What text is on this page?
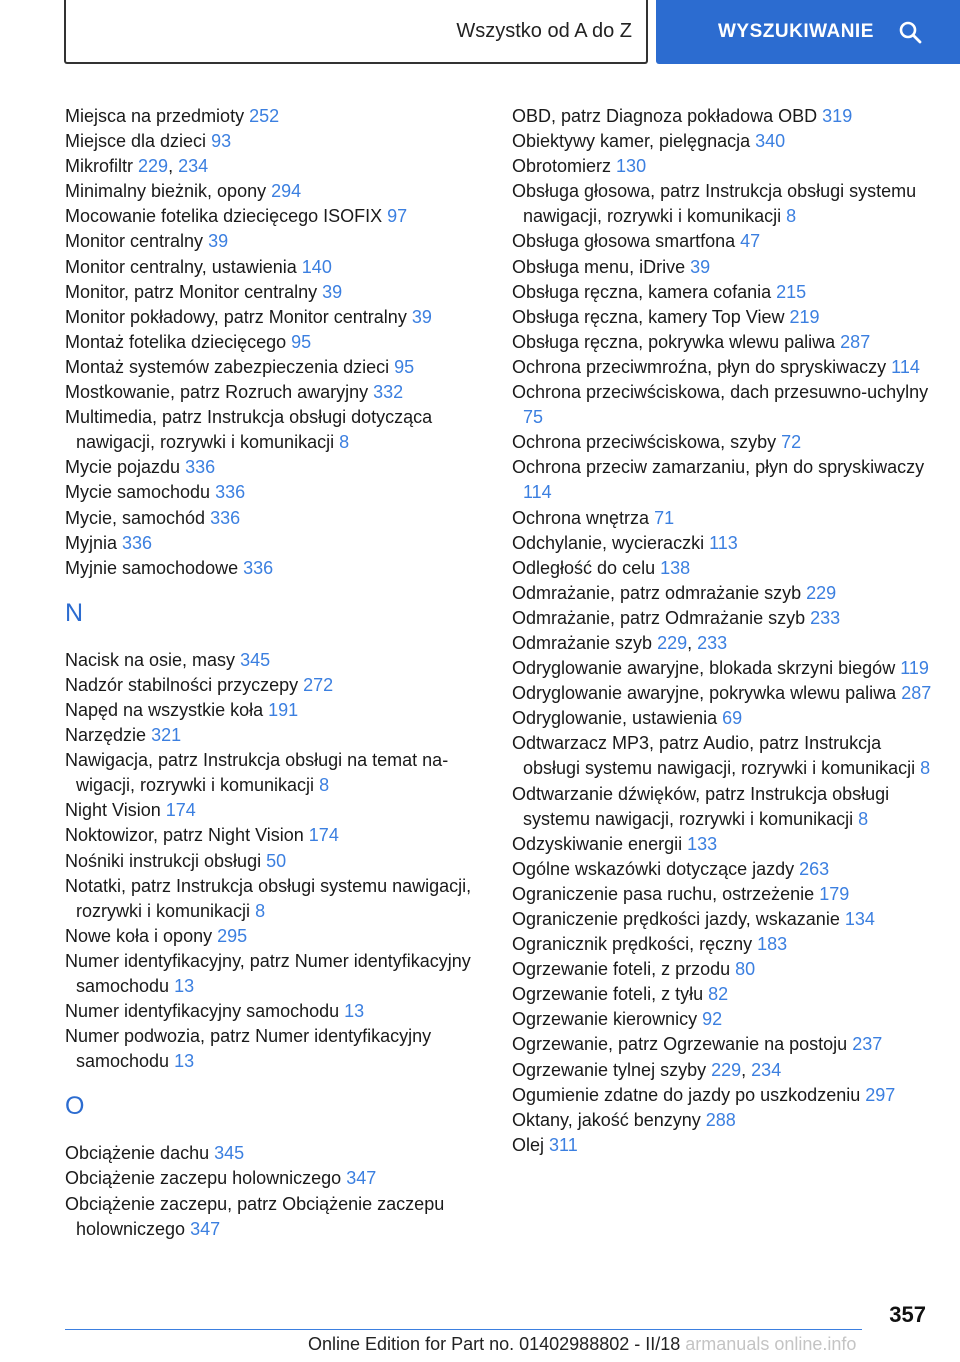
Wszystko od A do Z	WYSZUKIWANIE
Miejsca na przedmioty 252
Miejsce dla dzieci 93
Mikrofiltr 229, 234
Minimalny bieżnik, opony 294
Mocowanie fotelika dziecięcego ISOFIX 97
Monitor centralny 39
Monitor centralny, ustawienia 140
Monitor, patrz Monitor centralny 39
Monitor pokładowy, patrz Monitor centralny 39
Montaż fotelika dziecięcego 95
Montaż systemów zabezpieczenia dzieci 95
Mostkowanie, patrz Rozruch awaryjny 332
Multimedia, patrz Instrukcja obsługi dotycząca nawigacji, rozrywki i komunikacji 8
Mycie pojazdu 336
Mycie samochodu 336
Mycie, samochód 336
Myjnia 336
Myjnie samochodowe 336
N
Nacisk na osie, masy 345
Nadzór stabilności przyczepy 272
Napęd na wszystkie koła 191
Narzędzie 321
Nawigacja, patrz Instrukcja obsługi na temat nawigacji, rozrywki i komunikacji 8
Night Vision 174
Noktowizor, patrz Night Vision 174
Nośniki instrukcji obsługi 50
Notatki, patrz Instrukcja obsługi systemu nawigacji, rozrywki i komunikacji 8
Nowe koła i opony 295
Numer identyfikacyjny, patrz Numer identyfikacyjny samochodu 13
Numer identyfikacyjny samochodu 13
Numer podwozia, patrz Numer identyfikacyjny samochodu 13
O
Obciążenie dachu 345
Obciążenie zaczepu holowniczego 347
Obciążenie zaczepu, patrz Obciążenie zaczepu holowniczego 347
OBD, patrz Diagnoza pokładowa OBD 319
Obiektywy kamer, pielęgnacja 340
Obrotomierz 130
Obsługa głosowa, patrz Instrukcja obsługi systemu nawigacji, rozrywki i komunikacji 8
Obsługa głosowa smartfona 47
Obsługa menu, iDrive 39
Obsługa ręczna, kamera cofania 215
Obsługa ręczna, kamery Top View 219
Obsługa ręczna, pokrywka wlewu paliwa 287
Ochrona przeciwmroźna, płyn do spryskiwaczy 114
Ochrona przeciwściskowa, dach przesuwno-uchylny 75
Ochrona przeciwściskowa, szyby 72
Ochrona przeciw zamarzaniu, płyn do spryskiwaczy 114
Ochrona wnętrza 71
Odchylanie, wycieraczki 113
Odległość do celu 138
Odmrażanie, patrz odmrażanie szyb 229
Odmrażanie, patrz Odmrażanie szyb 233
Odmrażanie szyb 229, 233
Odryglowanie awaryjne, blokada skrzyni biegów 119
Odryglowanie awaryjne, pokrywka wlewu paliwa 287
Odryglowanie, ustawienia 69
Odtwarzacz MP3, patrz Audio, patrz Instrukcja obsługi systemu nawigacji, rozrywki i komunikacji 8
Odtwarzanie dźwięków, patrz Instrukcja obsługi systemu nawigacji, rozrywki i komunikacji 8
Odzyskiwanie energii 133
Ogólne wskazówki dotyczące jazdy 263
Ograniczenie pasa ruchu, ostrzeżenie 179
Ograniczenie prędkości jazdy, wskazanie 134
Ogranicznik prędkości, ręczny 183
Ogrzewanie foteli, z przodu 80
Ogrzewanie foteli, z tyłu 82
Ogrzewanie kierownicy 92
Ogrzewanie, patrz Ogrzewanie na postoju 237
Ogrzewanie tylnej szyby 229, 234
Ogumienie zdatne do jazdy po uszkodzeniu 297
Oktany, jakość benzyny 288
Olej 311
357
Online Edition for Part no. 01402988802 - II/18 armanuals online.info
